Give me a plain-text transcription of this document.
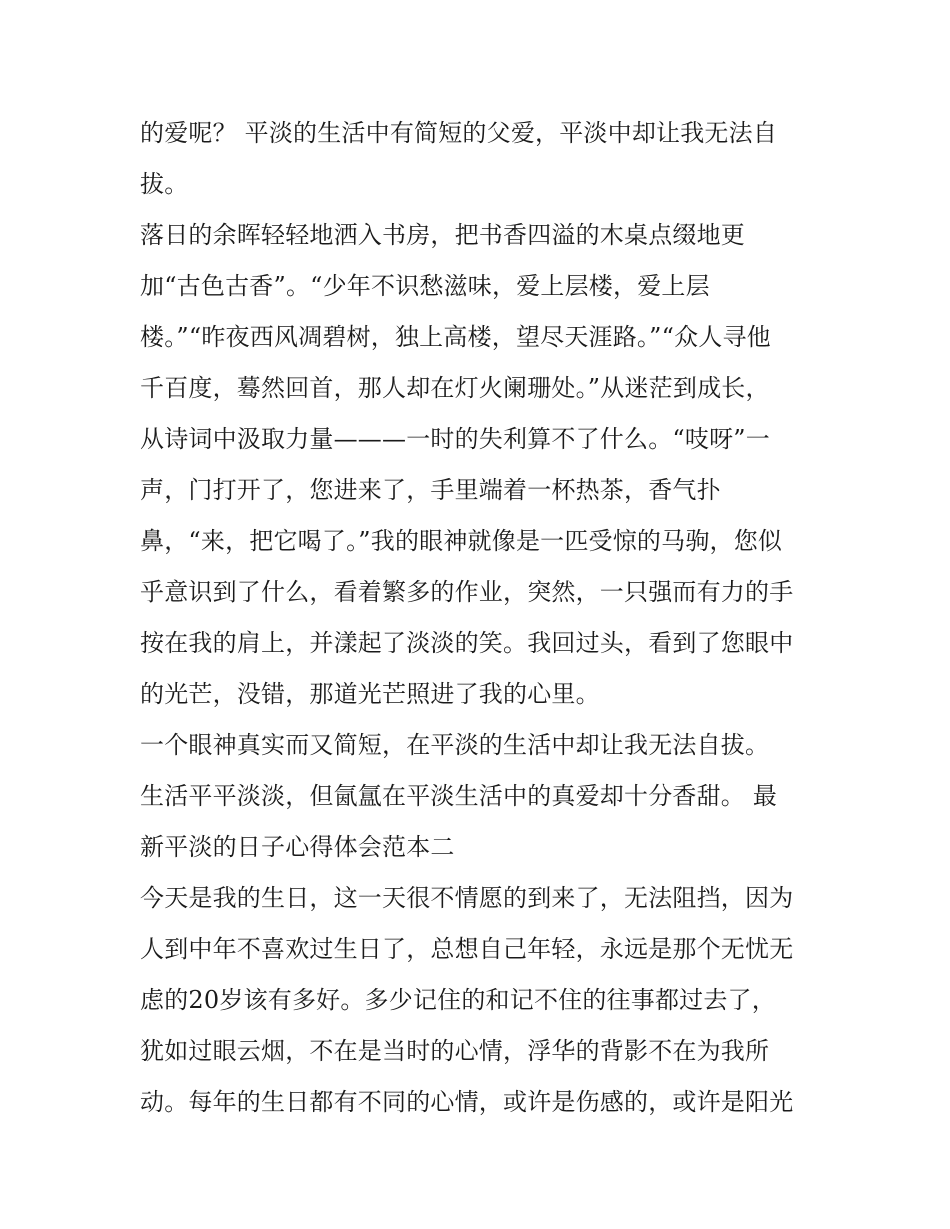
的爱呢？ 平淡的生活中有简短的父爱，平淡中却让我无法自
拔。
落日的余晖轻轻地洒入书房，把书香四溢的木桌点缀地更
加“古色古香”。“少年不识愁滋味，爱上层楼，爱上层
楼。”“昨夜西风凋碧树，独上高楼，望尽天涯路。”“众人寻他
千百度，蓦然回首，那人却在灯火阑珊处。”从迷茫到成长，
从诗词中汲取力量———一时的失利算不了什么。“吱呀”一
声，门打开了，您进来了，手里端着一杯热茶，香气扑
鼻，“来，把它喝了。”我的眼神就像是一匹受惊的马驹，您似
乎意识到了什么，看着繁多的作业，突然，一只强而有力的手
按在我的肩上，并漾起了淡淡的笑。我回过头，看到了您眼中
的光芒，没错，那道光芒照进了我的心里。
一个眼神真实而又简短，在平淡的生活中却让我无法自拔。
生活平平淡淡，但氤氲在平淡生活中的真爱却十分香甜。 最
新平淡的日子心得体会范本二
今天是我的生日，这一天很不情愿的到来了，无法阻挡，因为
人到中年不喜欢过生日了，总想自己年轻，永远是那个无忧无
虑的20岁该有多好。多少记住的和记不住的往事都过去了，
犹如过眼云烟，不在是当时的心情，浮华的背影不在为我所
动。每年的生日都有不同的心情，或许是伤感的，或许是阳光
